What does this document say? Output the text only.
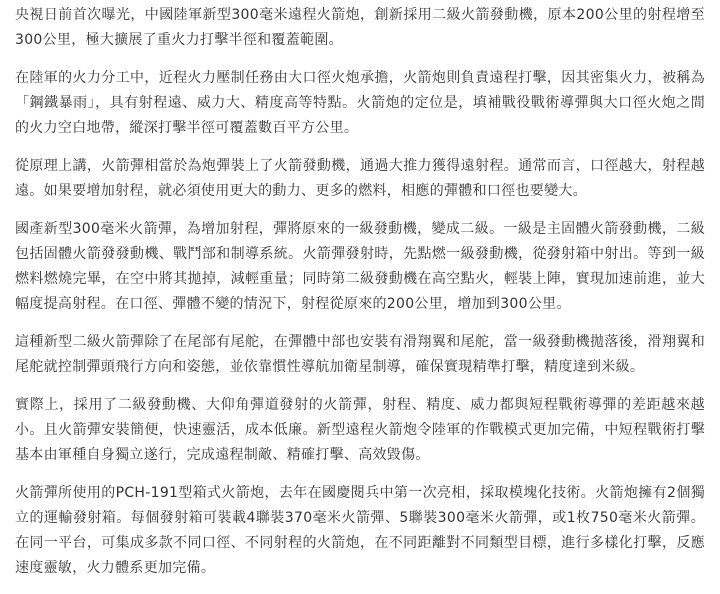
央視日前首次曝光，中國陸軍新型300毫米遠程火箭炮，創新採用二級火箭發動機，原本200公里的射程增至300公里，極大擴展了重火力打擊半徑和覆蓋範圍。

在陸軍的火力分工中，近程火力壓制任務由大口徑火炮承擔，火箭炮則負責遠程打擊，因其密集火力，被稱為「鋼鐵暴雨」，具有射程遠、威力大、精度高等特點。火箭炮的定位是，填補戰役戰術導彈與大口徑火炮之間的火力空白地帶，縱深打擊半徑可覆蓋數百平方公里。

從原理上講，火箭彈相當於為炮彈裝上了火箭發動機，通過大推力獲得遠射程。通常而言，口徑越大，射程越遠。如果要增加射程，就必須使用更大的動力、更多的燃料，相應的彈體和口徑也要變大。

國產新型300毫米火箭彈，為增加射程，彈將原來的一級發動機，變成二級。一級是主固體火箭發動機，二級包括固體火箭發發動機、戰鬥部和制導系統。火箭彈發射時，先點燃一級發動機，從發射箱中射出。等到一級燃料燃燒完畢，在空中將其拋掉，減輕重量；同時第二級發動機在高空點火，輕裝上陣，實現加速前進，並大幅度提高射程。在口徑、彈體不變的情況下，射程從原來的200公里，增加到300公里。

這種新型二級火箭彈除了在尾部有尾舵，在彈體中部也安裝有滑翔翼和尾舵，當一級發動機拋落後，滑翔翼和尾舵就控制彈頭飛行方向和姿態，並依靠慣性導航加衛星制導，確保實現精準打擊，精度達到米級。

實際上，採用了二級發動機、大仰角彈道發射的火箭彈，射程、精度、威力都與短程戰術導彈的差距越來越小。且火箭彈安裝簡便，快速靈活，成本低廉。新型遠程火箭炮令陸軍的作戰模式更加完備，中短程戰術打擊基本由軍種自身獨立遂行，完成遠程制敵、精確打擊、高效毀傷。

火箭彈所使用的PCH-191型箱式火箭炮，去年在國慶閱兵中第一次亮相，採取模塊化技術。火箭炮擁有2個獨立的運輸發射箱。每個發射箱可裝載4聯裝370毫米火箭彈、5聯裝300毫米火箭彈，或1枚750毫米火箭彈。在同一平台，可集成多款不同口徑、不同射程的火箭炮，在不同距離對不同類型目標，進行多樣化打擊，反應速度靈敏，火力體系更加完備。
